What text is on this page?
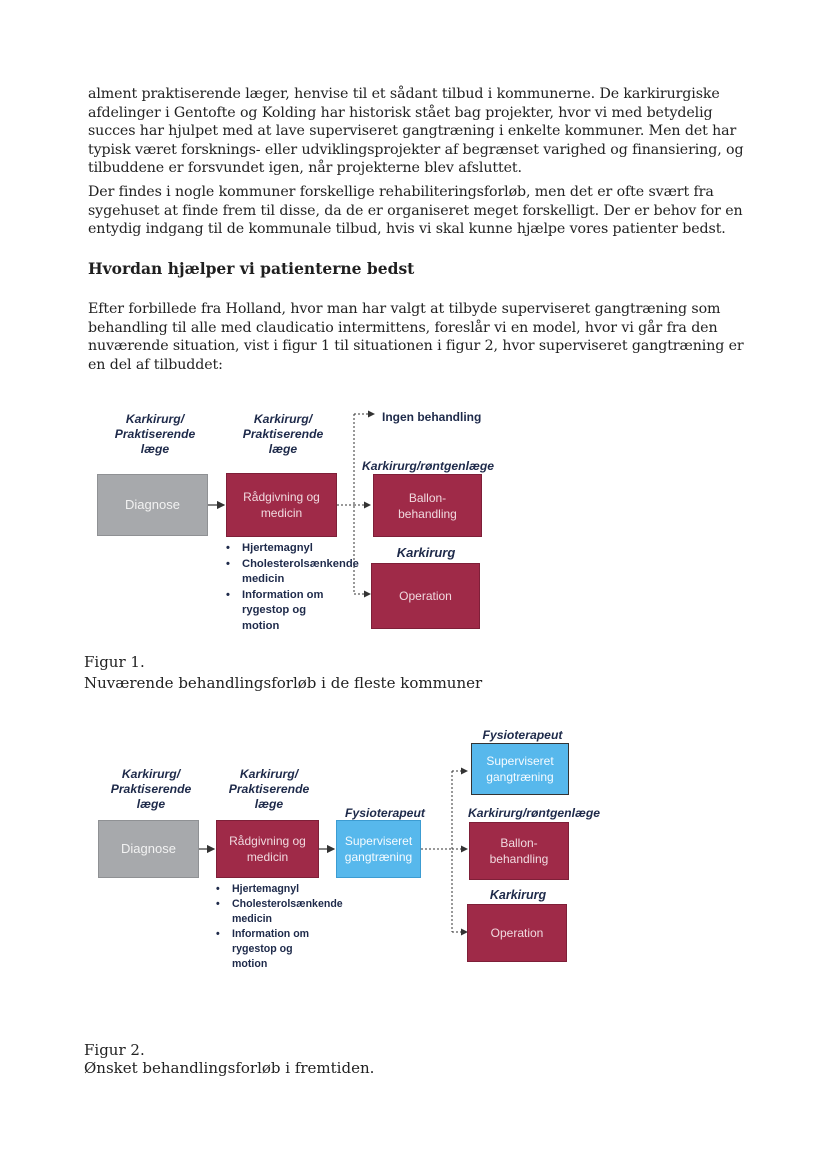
alment praktiserende læger, henvise til et sådant tilbud i kommunerne. De karkirurgiske afdelinger i Gentofte og Kolding har historisk stået bag projekter, hvor vi med betydelig succes har hjulpet med at lave superviseret gangtræning i enkelte kommuner. Men det har typisk været forsknings- eller udviklingsprojekter af begrænset varighed og finansiering, og tilbuddene er forsvundet igen, når projekterne blev afsluttet.

Der findes i nogle kommuner forskellige rehabiliteringsforløb, men det er ofte svært fra sygehuset at finde frem til disse, da de er organiseret meget forskelligt. Der er behov for en entydig indgang til de kommunale tilbud, hvis vi skal kunne hjælpe vores patienter bedst.

Hvordan hjælper vi patienterne bedst

Efter forbillede fra Holland, hvor man har valgt at tilbyde superviseret gangtræning som behandling til alle med claudicatio intermittens, foreslår vi en model, hvor vi går fra den nuværende situation, vist i figur 1 til situationen i figur 2, hvor superviseret gangtræning er en del af tilbuddet:

Karkirurg/ Praktiserende læge
Karkirurg/ Praktiserende læge
Ingen behandling
Karkirurg/røntgenlæge
Karkirurg
Diagnose	Rådgivning og medicin
Ballon-behandling
Operation
• Hjertemagnyl
• Cholesterolsænkende medicin
• Information om rygestop og motion

Figur 1.

Nuværende behandlingsforløb i de fleste kommuner

Karkirurg/ Praktiserende læge
Karkirurg/ Praktiserende læge
Fysioterapeut
Fysioterapeut
Karkirurg/røntgenlæge
Karkirurg
Diagnose	Rådgivning og medicin
Superviseret gangtræning
Superviseret gangtræning
Ballon-behandling
Operation
• Hjertemagnyl
• Cholesterolsænkende medicin
• Information om rygestop og motion

Figur 2.

Ønsket behandlingsforløb i fremtiden.
